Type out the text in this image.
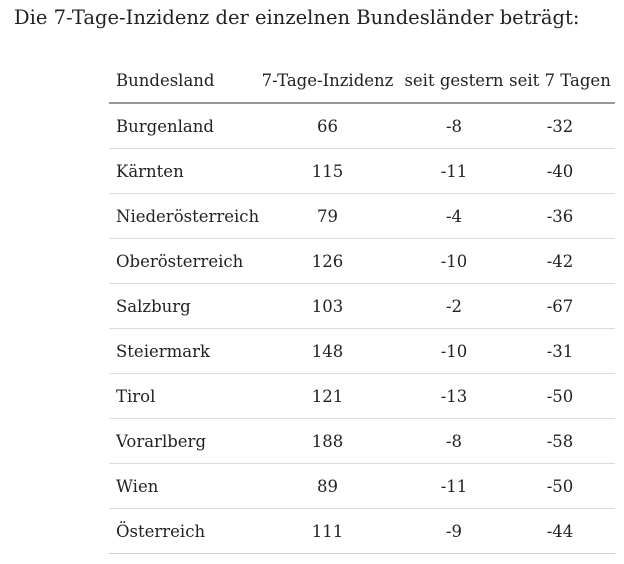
Die 7-Tage-Inzidenz der einzelnen Bundesländer beträgt:

Bundesland	7-Tage-Inzidenz	seit gestern	seit 7 Tagen
Burgenland	66	-8	-32
Kärnten	115	-11	-40
Niederösterreich	79	-4	-36
Oberösterreich	126	-10	-42
Salzburg	103	-2	-67
Steiermark	148	-10	-31
Tirol	121	-13	-50
Vorarlberg	188	-8	-58
Wien	89	-11	-50
Österreich	111	-9	-44
